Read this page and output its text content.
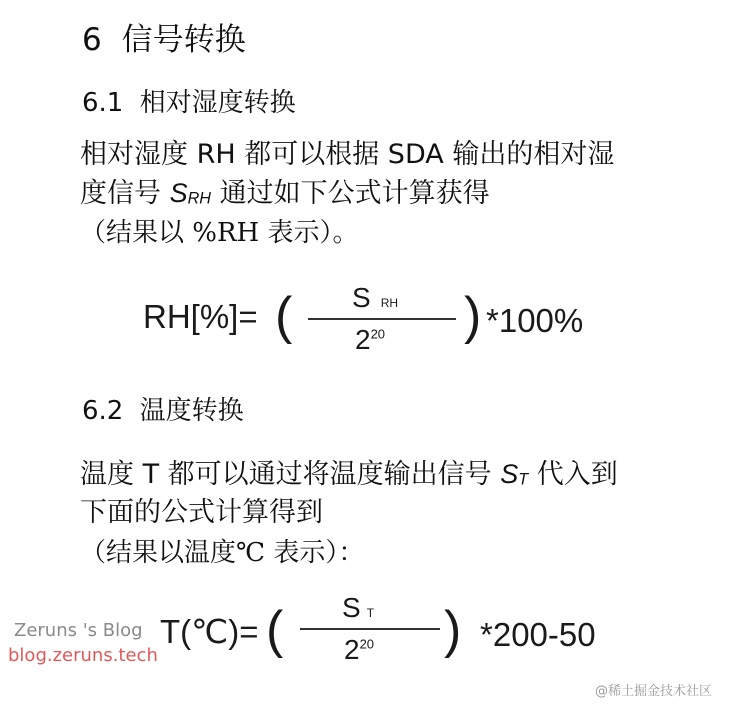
6 信号转换
6.1 相对湿度转换
相对湿度 RH 都可以根据 SDA 输出的相对湿
度信号 $S_{RH}$ 通过如下公式计算获得
（结果以 %RH 表示）。
RH[%]= ( SRH
$2^{20}$ ) *100%
6.2 温度转换
温度 T 都可以通过将温度输出信号 $S_T$ 代入到
下面的公式计算得到
（结果以温度℃ 表示）：
T(℃)= ( S T
$2^{20}$ ) *200-50
Zeruns 's Blog
blog.zeruns.tech
@稀土掘金技术社区
